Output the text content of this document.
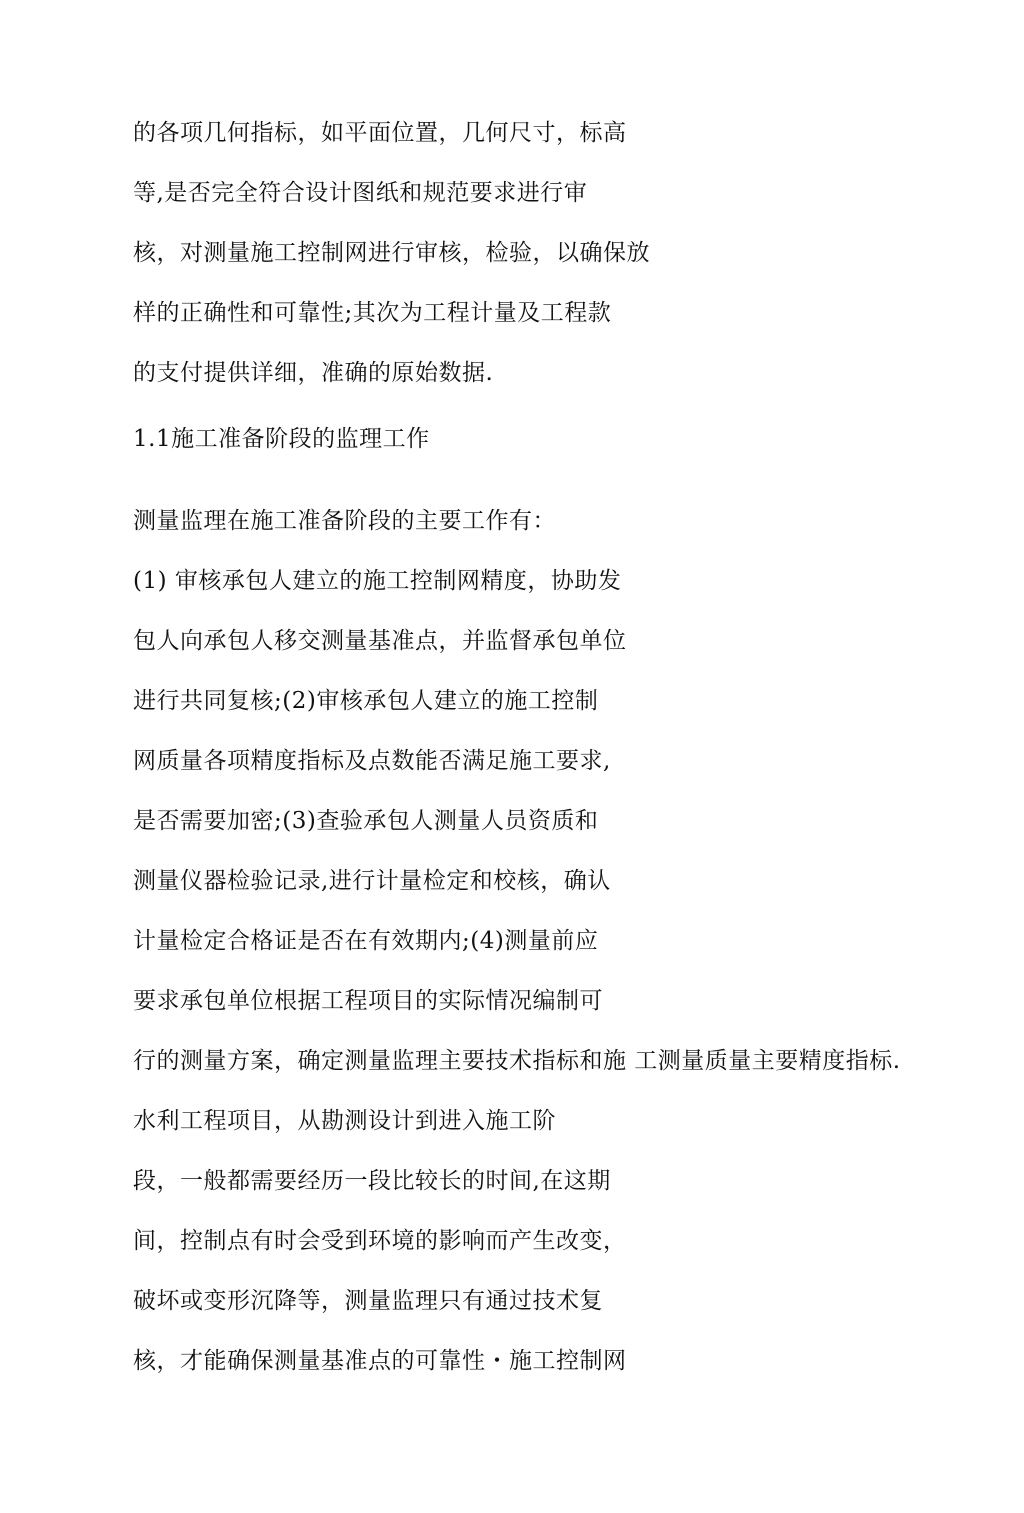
的各项几何指标，如平面位置，几何尺寸，标高
等,是否完全符合设计图纸和规范要求进行审
核，对测量施工控制网进行审核，检验，以确保放
样的正确性和可靠性;其次为工程计量及工程款
的支付提供详细，准确的原始数据.
1.1施工准备阶段的监理工作
测量监理在施工准备阶段的主要工作有：
(1) 审核承包人建立的施工控制网精度，协助发
包人向承包人移交测量基准点，并监督承包单位
进行共同复核;(2)审核承包人建立的施工控制
网质量各项精度指标及点数能否满足施工要求,
是否需要加密;(3)查验承包人测量人员资质和
测量仪器检验记录,进行计量检定和校核，确认
计量检定合格证是否在有效期内;(4)测量前应
要求承包单位根据工程项目的实际情况编制可
行的测量方案，确定测量监理主要技术指标和施 工测量质量主要精度指标.
水利工程项目，从勘测设计到进入施工阶
段，一般都需要经历一段比较长的时间,在这期
间，控制点有时会受到环境的影响而产生改变，
破坏或变形沉降等，测量监理只有通过技术复
核，才能确保测量基准点的可靠性・施工控制网
